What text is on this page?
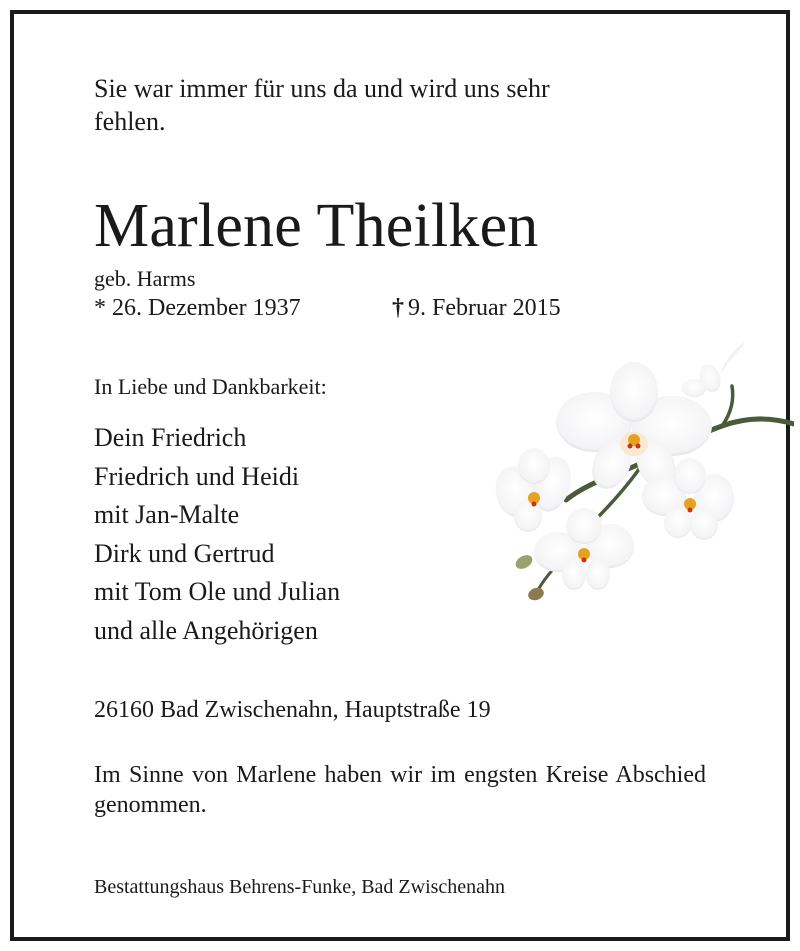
Sie war immer für uns da und wird uns sehr fehlen.

Marlene Theilken

geb. Harms

* 26. Dezember 1937	† 9. Februar 2015

In Liebe und Dankbarkeit:

Dein Friedrich
Friedrich und Heidi
mit Jan-Malte
Dirk und Gertrud
mit Tom Ole und Julian
und alle Angehörigen

26160 Bad Zwischenahn, Hauptstraße 19

Im Sinne von Marlene haben wir im engsten Kreise Abschied genommen.

Bestattungshaus Behrens-Funke, Bad Zwischenahn
